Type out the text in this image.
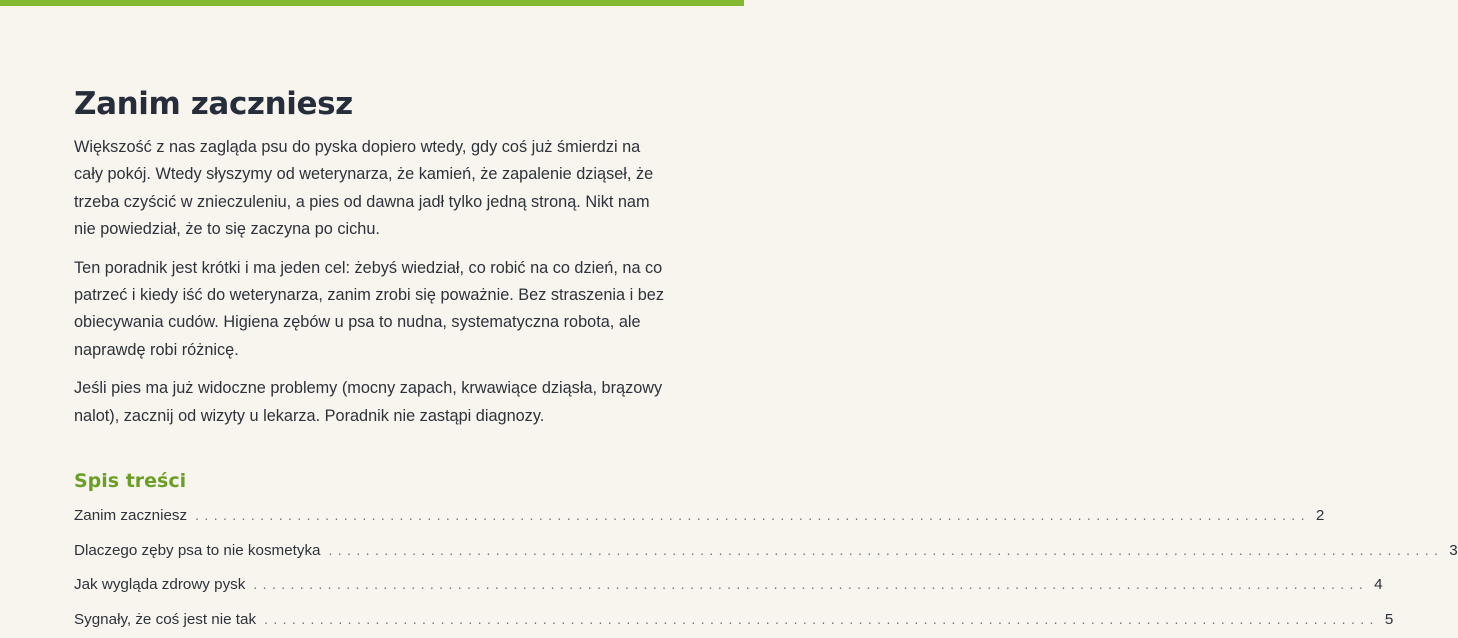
Zanim zaczniesz

Większość z nas zagląda psu do pyska dopiero wtedy, gdy coś już śmierdzi na cały pokój. Wtedy słyszymy od weterynarza, że kamień, że zapalenie dziąseł, że trzeba czyścić w znieczuleniu, a pies od dawna jadł tylko jedną stroną. Nikt nam nie powiedział, że to się zaczyna po cichu.

Ten poradnik jest krótki i ma jeden cel: żebyś wiedział, co robić na co dzień, na co patrzeć i kiedy iść do weterynarza, zanim zrobi się poważnie. Bez straszenia i bez obiecywania cudów. Higiena zębów u psa to nudna, systematyczna robota, ale naprawdę robi różnicę.

Jeśli pies ma już widoczne problemy (mocny zapach, krwawiące dziąsła, brązowy nalot), zacznij od wizyty u lekarza. Poradnik nie zastąpi diagnozy.

Spis treści
Zanim zaczniesz ........................................................................................................................ 2
Dlaczego zęby psa to nie kosmetyka ........................................................................................................................ 3
Jak wygląda zdrowy pysk ........................................................................................................................ 4
Sygnały, że coś jest nie tak ........................................................................................................................ 5
